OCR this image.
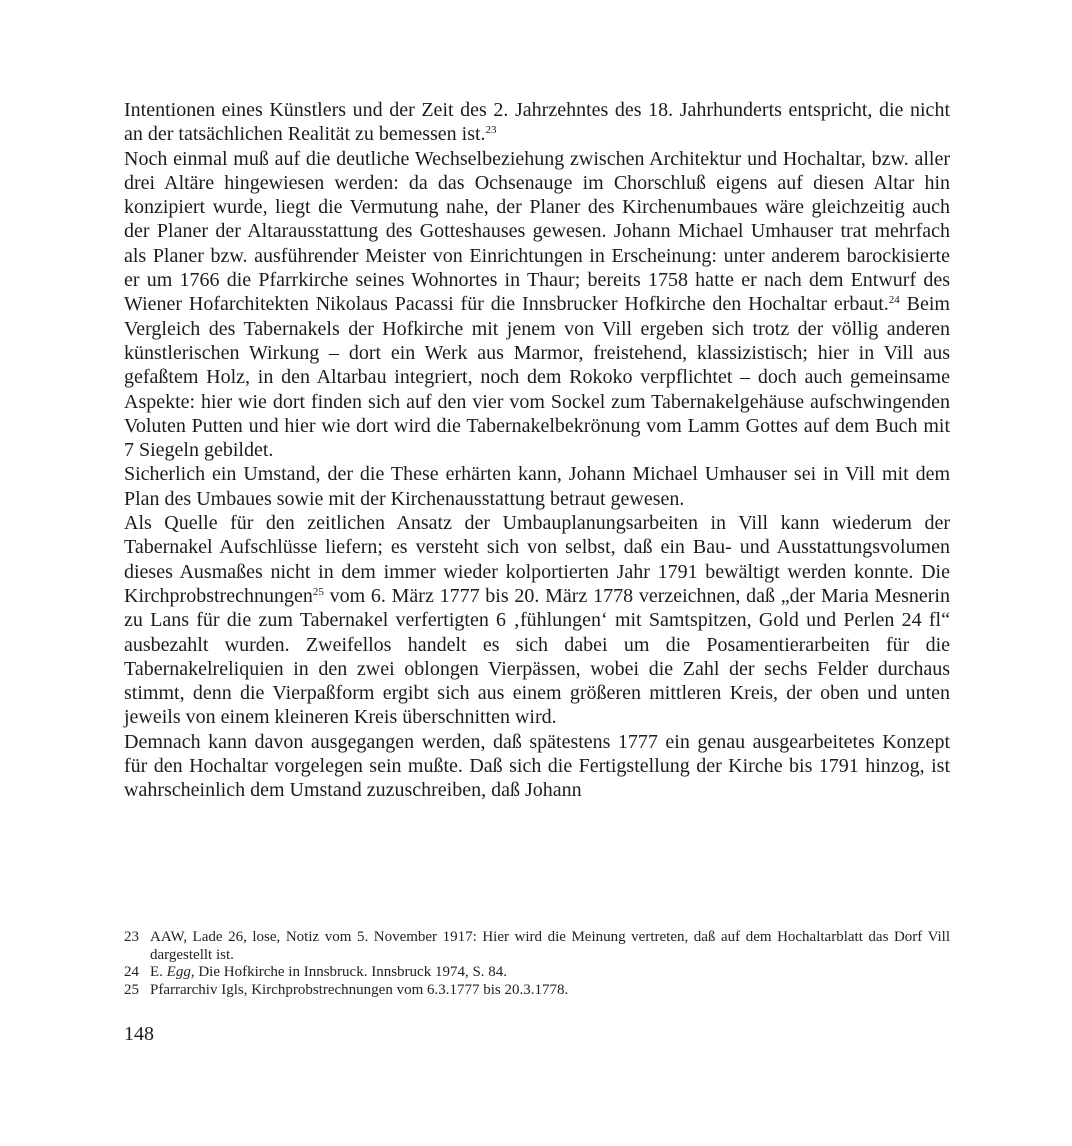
Intentionen eines Künstlers und der Zeit des 2. Jahrzehntes des 18. Jahrhunderts entspricht, die nicht an der tatsächlichen Realität zu bemessen ist.$^{23}$

Noch einmal muß auf die deutliche Wechselbeziehung zwischen Architektur und Hochaltar, bzw. aller drei Altäre hingewiesen werden: da das Ochsenauge im Chorschluß eigens auf diesen Altar hin konzipiert wurde, liegt die Vermutung nahe, der Planer des Kirchenumbaues wäre gleichzeitig auch der Planer der Altarausstattung des Gotteshauses gewesen. Johann Michael Umhauser trat mehrfach als Planer bzw. ausführender Meister von Einrichtungen in Erscheinung: unter anderem barockisierte er um 1766 die Pfarrkirche seines Wohnortes in Thaur; bereits 1758 hatte er nach dem Entwurf des Wiener Hofarchitekten Nikolaus Pacassi für die Innsbrucker Hofkirche den Hochaltar erbaut.$^{24}$ Beim Vergleich des Tabernakels der Hofkirche mit jenem von Vill ergeben sich trotz der völlig anderen künstlerischen Wirkung – dort ein Werk aus Marmor, freistehend, klassizistisch; hier in Vill aus gefaßtem Holz, in den Altarbau integriert, noch dem Rokoko verpflichtet – doch auch gemeinsame Aspekte: hier wie dort finden sich auf den vier vom Sockel zum Tabernakelgehäuse aufschwingenden Voluten Putten und hier wie dort wird die Tabernakelbekrönung vom Lamm Gottes auf dem Buch mit 7 Siegeln gebildet.

Sicherlich ein Umstand, der die These erhärten kann, Johann Michael Umhauser sei in Vill mit dem Plan des Umbaues sowie mit der Kirchenausstattung betraut gewesen.

Als Quelle für den zeitlichen Ansatz der Umbauplanungsarbeiten in Vill kann wiederum der Tabernakel Aufschlüsse liefern; es versteht sich von selbst, daß ein Bau- und Ausstattungsvolumen dieses Ausmaßes nicht in dem immer wieder kolportierten Jahr 1791 bewältigt werden konnte. Die Kirchprobstrechnungen$^{25}$ vom 6. März 1777 bis 20. März 1778 verzeichnen, daß „der Maria Mesnerin zu Lans für die zum Tabernakel verfertigten 6 ‚fühlungen‘ mit Samtspitzen, Gold und Perlen 24 fl“ ausbezahlt wurden. Zweifellos handelt es sich dabei um die Posamentierarbeiten für die Tabernakelreliquien in den zwei oblongen Vierpässen, wobei die Zahl der sechs Felder durchaus stimmt, denn die Vierpaßform ergibt sich aus einem größeren mittleren Kreis, der oben und unten jeweils von einem kleineren Kreis überschnitten wird.

Demnach kann davon ausgegangen werden, daß spätestens 1777 ein genau ausgearbeitetes Konzept für den Hochaltar vorgelegen sein mußte. Daß sich die Fertigstellung der Kirche bis 1791 hinzog, ist wahrscheinlich dem Umstand zuzuschreiben, daß Johann

23 AAW, Lade 26, lose, Notiz vom 5. November 1917: Hier wird die Meinung vertreten, daß auf dem Hochaltarblatt das Dorf Vill dargestellt ist.
24 E. Egg, Die Hofkirche in Innsbruck. Innsbruck 1974, S. 84.
25 Pfarrarchiv Igls, Kirchprobstrechnungen vom 6.3.1777 bis 20.3.1778.
148
